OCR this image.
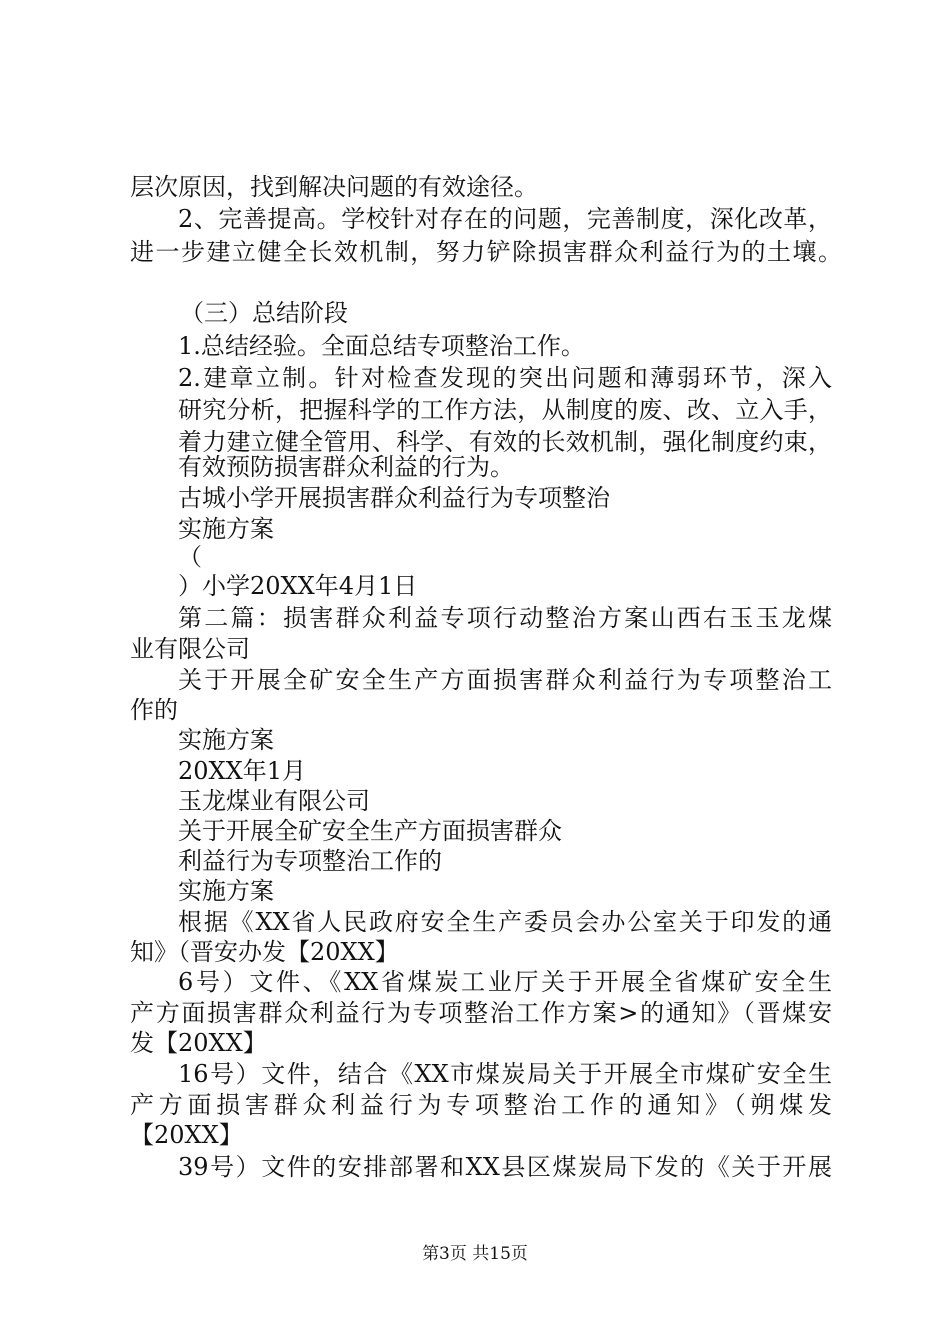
层次原因，找到解决问题的有效途径。
2、完善提高。学校针对存在的问题，完善制度，深化改革，
进一步建立健全长效机制，努力铲除损害群众利益行为的土壤。
（三）总结阶段
1.总结经验。全面总结专项整治工作。
2.建章立制。针对检查发现的突出问题和薄弱环节，深入
研究分析，把握科学的工作方法，从制度的废、改、立入手，
着力建立健全管用、科学、有效的长效机制，强化制度约束，
有效预防损害群众利益的行为。
古城小学开展损害群众利益行为专项整治
实施方案
（
）小学20XX年4月1日
第二篇：损害群众利益专项行动整治方案山西右玉玉龙煤
业有限公司
关于开展全矿安全生产方面损害群众利益行为专项整治工
作的
实施方案
20XX年1月
玉龙煤业有限公司
关于开展全矿安全生产方面损害群众
利益行为专项整治工作的
实施方案
根据《XX省人民政府安全生产委员会办公室关于印发的通
知》（晋安办发【20XX】
6号）文件、《XX省煤炭工业厅关于开展全省煤矿安全生
产方面损害群众利益行为专项整治工作方案>的通知》（晋煤安
发【20XX】
16号）文件，结合《XX市煤炭局关于开展全市煤矿安全生
产方面损害群众利益行为专项整治工作的通知》（朔煤发
【20XX】
39号）文件的安排部署和XX县区煤炭局下发的《关于开展
第3页 共15页
